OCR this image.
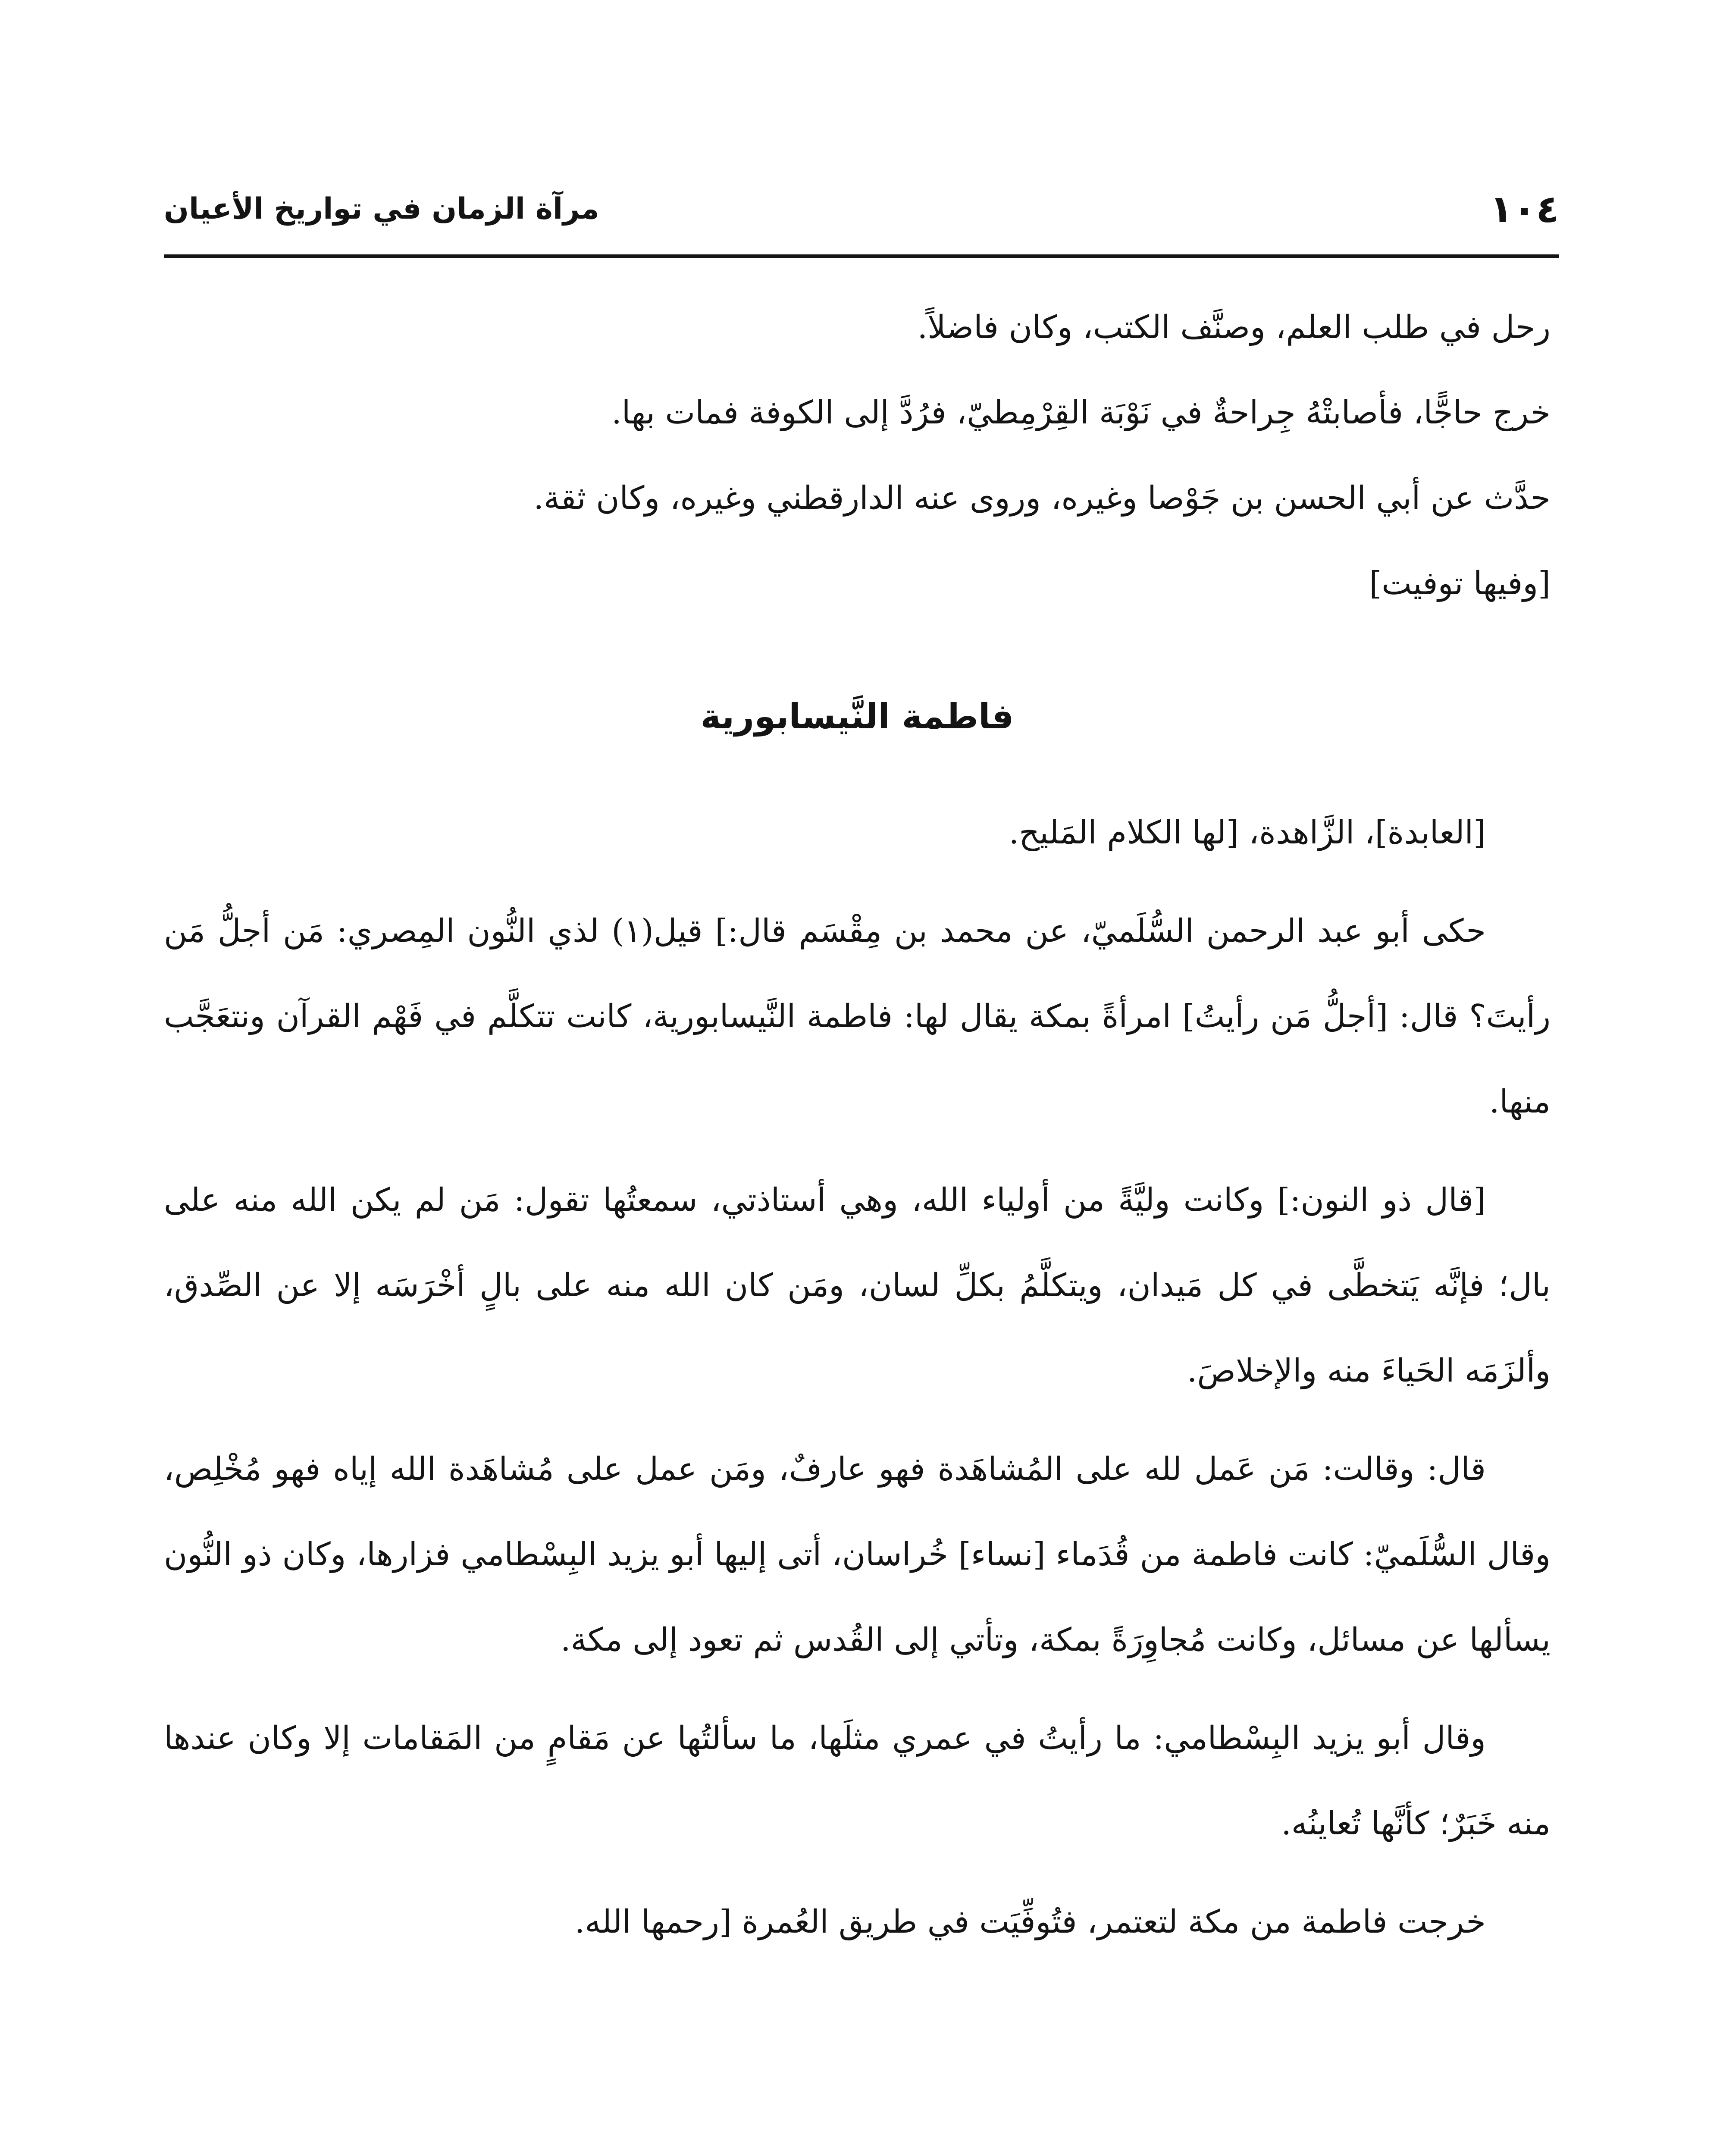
١٠٤
مرآة الزمان في تواريخ الأعيان

رحل في طلب العلم، وصنَّف الكتب، وكان فاضلاً.

خرج حاجًّا، فأصابتْهُ جِراحةٌ في نَوْبَة القِرْمِطيّ، فرُدَّ إلى الكوفة فمات بها.

حدَّث عن أبي الحسن بن جَوْصا وغيره، وروى عنه الدارقطني وغيره، وكان ثقة.

[وفيها توفيت]

فاطمة النَّيسابورية

[العابدة]، الزَّاهدة، [لها الكلام المَليح.

حكى أبو عبد الرحمن السُّلَميّ، عن محمد بن مِقْسَم قال:] قيل(١) لذي النُّون المِصري: مَن أجلُّ مَن رأيتَ؟ قال: [أجلُّ مَن رأيتُ] امرأةً بمكة يقال لها: فاطمة النَّيسابورية، كانت تتكلَّم في فَهْم القرآن ونتعَجَّب منها.

[قال ذو النون:] وكانت وليَّةً من أولياء الله، وهي أستاذتي، سمعتُها تقول: مَن لم يكن الله منه على بال؛ فإنَّه يَتخطَّى في كل مَيدان، ويتكلَّمُ بكلِّ لسان، ومَن كان الله منه على بالٍ أخْرَسَه إلا عن الصِّدق، وألزَمَه الحَياءَ منه والإخلاصَ.

قال: وقالت: مَن عَمل لله على المُشاهَدة فهو عارفٌ، ومَن عمل على مُشاهَدة الله إياه فهو مُخْلِص، وقال السُّلَميّ: كانت فاطمة من قُدَماء [نساء] خُراسان، أتى إليها أبو يزيد البِسْطامي فزارها، وكان ذو النُّون يسألها عن مسائل، وكانت مُجاوِرَةً بمكة، وتأتي إلى القُدس ثم تعود إلى مكة.

وقال أبو يزيد البِسْطامي: ما رأيتُ في عمري مثلَها، ما سألتُها عن مَقامٍ من المَقامات إلا وكان عندها منه خَبَرٌ؛ كأنَّها تُعاينُه.

خرجت فاطمة من مكة لتعتمر، فتُوفِّيَت في طريق العُمرة [رحمها الله.
